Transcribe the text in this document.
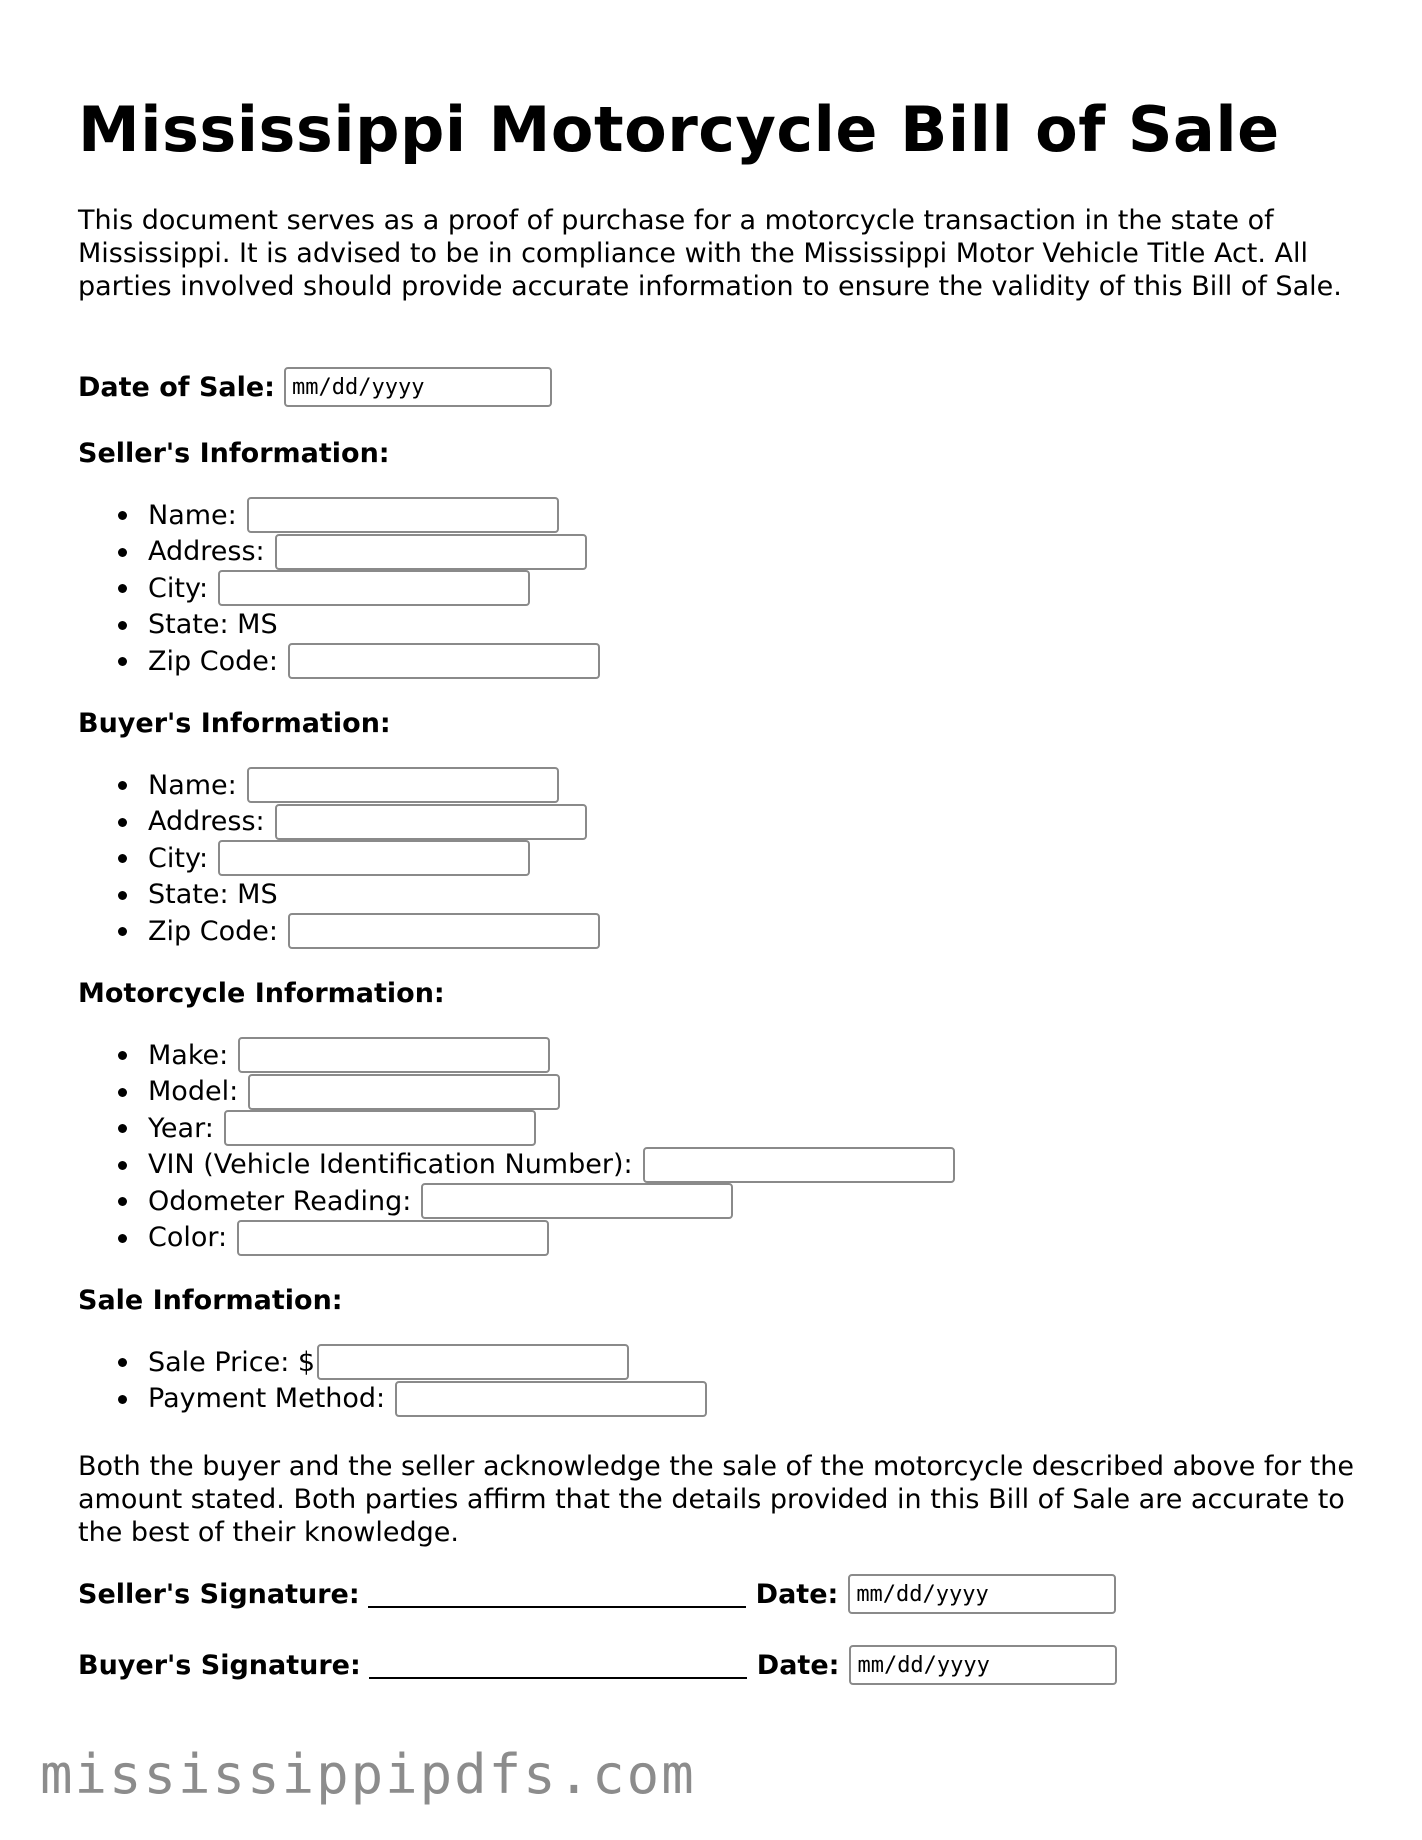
Mississippi Motorcycle Bill of Sale

This document serves as a proof of purchase for a motorcycle transaction in the state of Mississippi. It is advised to be in compliance with the Mississippi Motor Vehicle Title Act. All parties involved should provide accurate information to ensure the validity of this Bill of Sale.

Date of Sale: mm/dd/yyyy
Seller's Information:
Name:
Address:
City:
State: MS
Zip Code:
Buyer's Information:
Name:
Address:
City:
State: MS
Zip Code:
Motorcycle Information:
Make:
Model:
Year:
VIN (Vehicle Identification Number):
Odometer Reading:
Color:
Sale Information:
Sale Price: $
Payment Method:

Both the buyer and the seller acknowledge the sale of the motorcycle described above for the amount stated. Both parties affirm that the details provided in this Bill of Sale are accurate to the best of their knowledge.

Seller's Signature:	Date: mm/dd/yyyy
Buyer's Signature:	Date: mm/dd/yyyy
mississippipdfs.com
